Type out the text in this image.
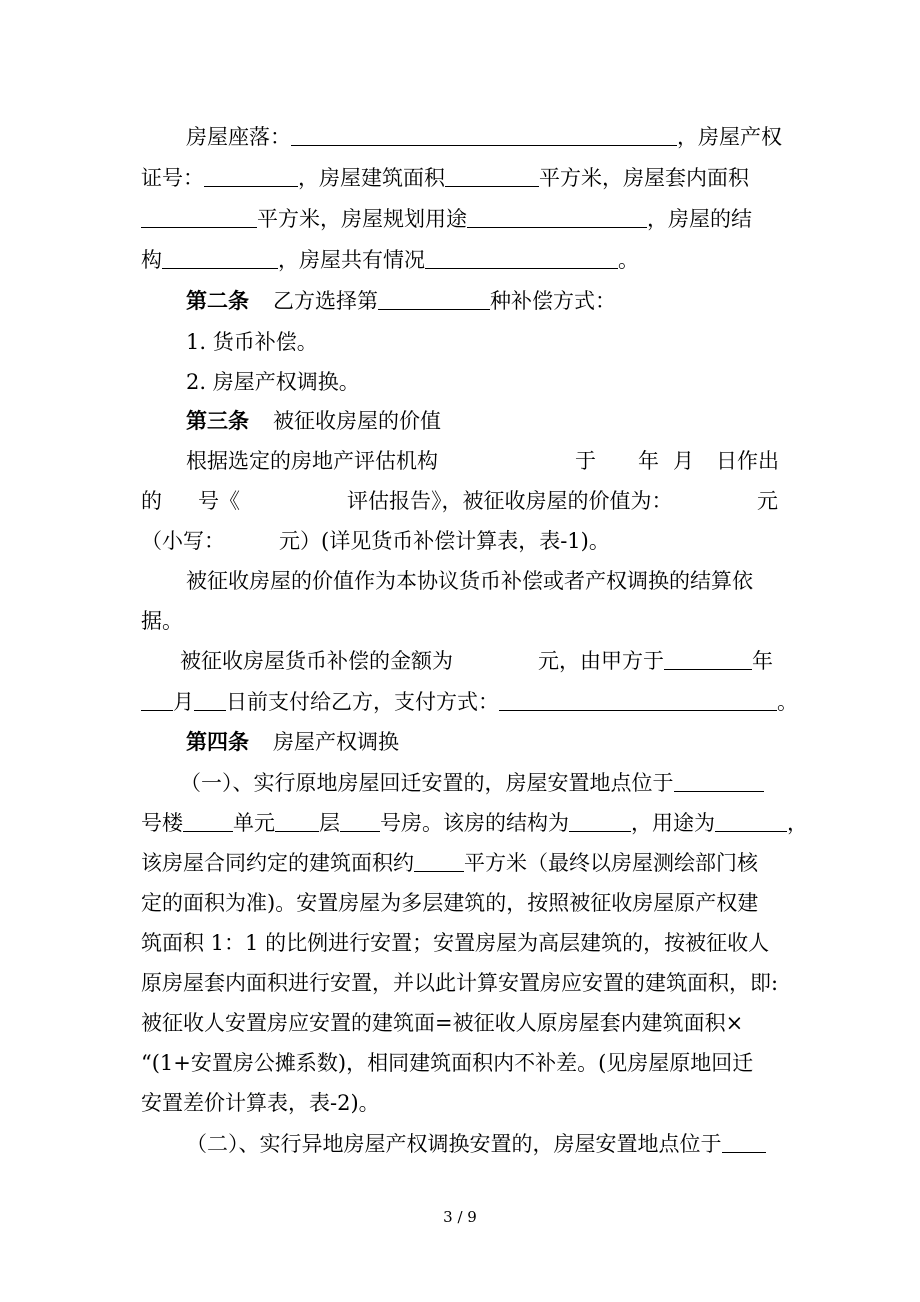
房屋座落：	，房屋产权
证号：	，房屋建筑面积	平方米，房屋套内面积
平方米，房屋规划用途	，房屋的结
构	，房屋共有情况	。
第二条 乙方选择第	种补偿方式：
1. 货币补偿。
2. 房屋产权调换。
第三条 被征收房屋的价值
根据选定的房地产评估机构	于 年 月 日作出
的 号《	评估报告》，被征收房屋的价值为：	元
（小写：	元）(详见货币补偿计算表，表-1)。
被征收房屋的价值作为本协议货币补偿或者产权调换的结算依
据。
被征收房屋货币补偿的金额为	元，由甲方于	年
月 日前支付给乙方，支付方式：	。
第四条 房屋产权调换
（一）、实行原地房屋回迁安置的，房屋安置地点位于
号楼 单元 层 号房。该房的结构为	，用途为	，
该房屋合同约定的建筑面积约 平方米（最终以房屋测绘部门核
定的面积为准)。安置房屋为多层建筑的，按照被征收房屋原产权建
筑面积 1：1 的比例进行安置；安置房屋为高层建筑的，按被征收人
原房屋套内面积进行安置，并以此计算安置房应安置的建筑面积，即:
被征收人安置房应安置的建筑面=被征收人原房屋套内建筑面积×
“(1+安置房公摊系数)，相同建筑面积内不补差。(见房屋原地回迁
安置差价计算表，表-2)。
（二）、实行异地房屋产权调换安置的，房屋安置地点位于
3 / 9
